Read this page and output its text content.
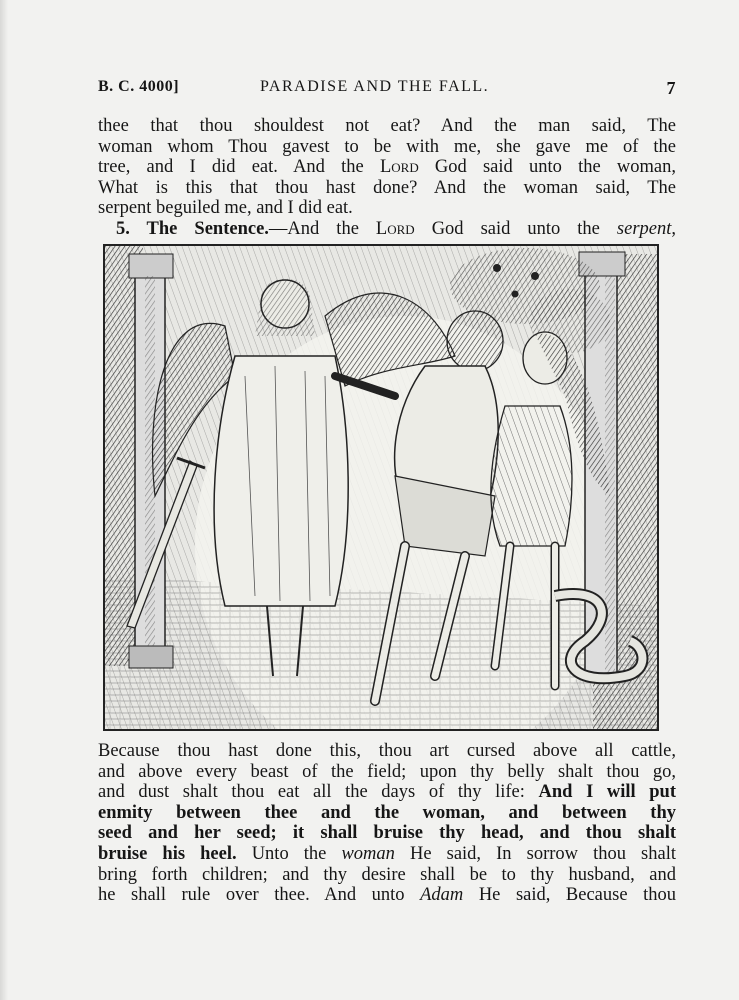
B. C. 4000]	PARADISE AND THE FALL.	7
thee that thou shouldest not eat? And the man said, The
woman whom Thou gavest to be with me, she gave me of the
tree, and I did eat. And the Lord God said unto the woman,
What is this that thou hast done? And the woman said, The
serpent beguiled me, and I did eat.
5. The Sentence.—And the Lord God said unto the serpent,
Because thou hast done this, thou art cursed above all cattle,
and above every beast of the field; upon thy belly shalt thou go,
and dust shalt thou eat all the days of thy life: And I will put
enmity between thee and the woman, and between thy
seed and her seed; it shall bruise thy head, and thou shalt
bruise his heel. Unto the woman He said, In sorrow thou shalt
bring forth children; and thy desire shall be to thy husband, and
he shall rule over thee. And unto Adam He said, Because thou
